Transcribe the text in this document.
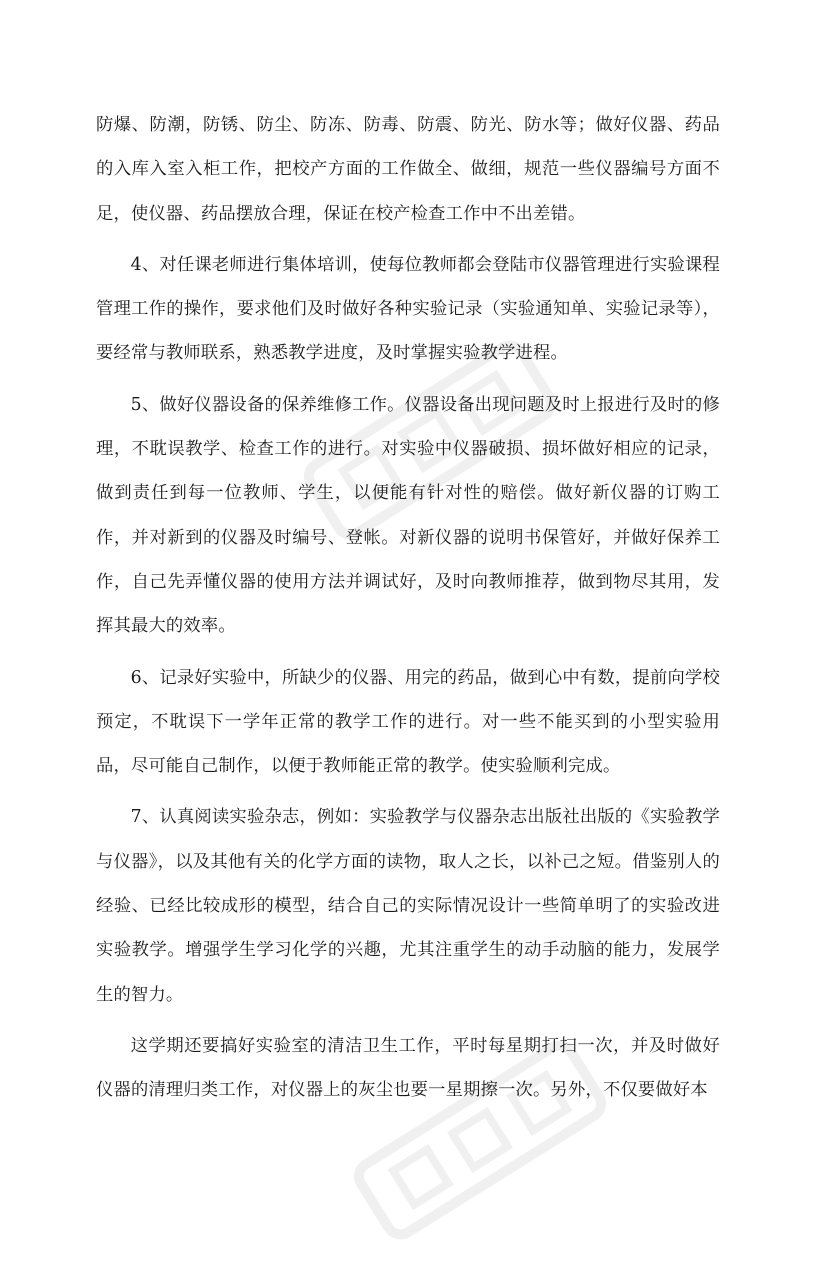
防爆、防潮，防锈、防尘、防冻、防毒、防震、防光、防水等；做好仪器、药品的入库入室入柜工作，把校产方面的工作做全、做细，规范一些仪器编号方面不足，使仪器、药品摆放合理，保证在校产检查工作中不出差错。

4、对任课老师进行集体培训，使每位教师都会登陆市仪器管理进行实验课程管理工作的操作，要求他们及时做好各种实验记录（实验通知单、实验记录等），要经常与教师联系，熟悉教学进度，及时掌握实验教学进程。

5、做好仪器设备的保养维修工作。仪器设备出现问题及时上报进行及时的修理，不耽误教学、检查工作的进行。对实验中仪器破损、损坏做好相应的记录，做到责任到每一位教师、学生，以便能有针对性的赔偿。做好新仪器的订购工作，并对新到的仪器及时编号、登帐。对新仪器的说明书保管好，并做好保养工作，自己先弄懂仪器的使用方法并调试好，及时向教师推荐，做到物尽其用，发挥其最大的效率。

6、记录好实验中，所缺少的仪器、用完的药品，做到心中有数，提前向学校预定，不耽误下一学年正常的教学工作的进行。对一些不能买到的小型实验用品，尽可能自己制作，以便于教师能正常的教学。使实验顺利完成。

7、认真阅读实验杂志，例如：实验教学与仪器杂志出版社出版的《实验教学与仪器》，以及其他有关的化学方面的读物，取人之长，以补己之短。借鉴别人的经验、已经比较成形的模型，结合自己的实际情况设计一些简单明了的实验改进实验教学。增强学生学习化学的兴趣，尤其注重学生的动手动脑的能力，发展学生的智力。

这学期还要搞好实验室的清洁卫生工作，平时每星期打扫一次，并及时做好仪器的清理归类工作，对仪器上的灰尘也要一星期擦一次。另外，不仅要做好本
